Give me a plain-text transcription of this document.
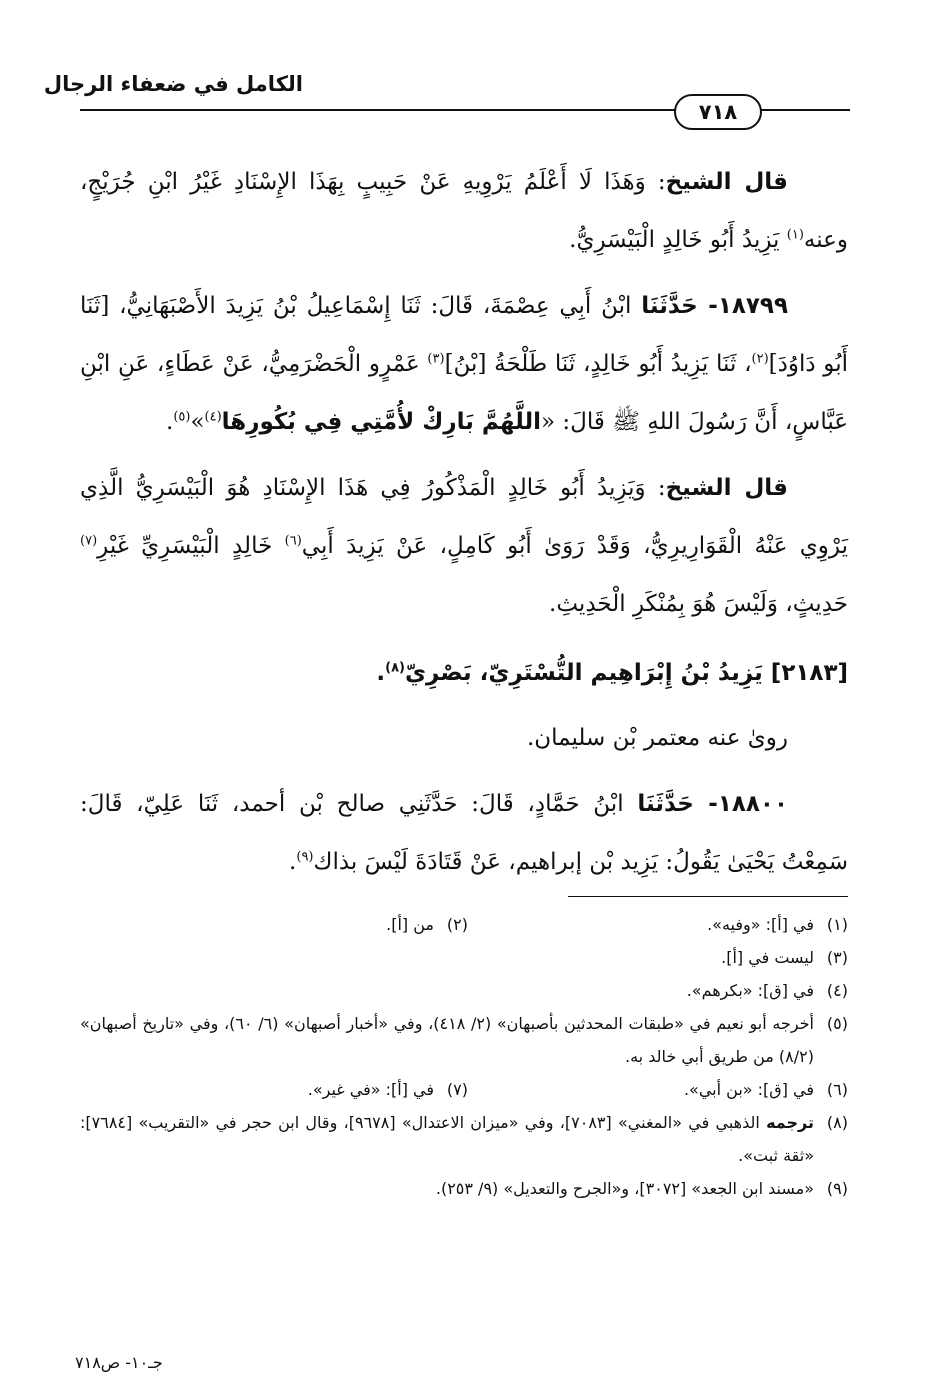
الكامل في ضعفاء الرجال
٧١٨

قال الشيخ: وَهَذَا لَا أَعْلَمُ يَرْوِيهِ عَنْ حَبِيبٍ بِهَذَا الإِسْنَادِ غَيْرُ ابْنِ جُرَيْجٍ، وعنه$^{(١)}$ يَزِيدُ أَبُو خَالِدٍ الْبَيْسَرِيُّ.

١٨٧٩٩- حَدَّثَنَا ابْنُ أَبِي عِصْمَةَ، قَالَ: ثَنَا إِسْمَاعِيلُ بْنُ يَزِيدَ الأَصْبَهَانِيُّ، [ثَنَا أَبُو دَاوُدَ]$^{(٢)}$، ثَنَا يَزِيدُ أَبُو خَالِدٍ، ثَنَا طَلْحَةُ [بْنُ]$^{(٣)}$ عَمْرٍو الْحَضْرَمِيُّ، عَنْ عَطَاءٍ، عَنِ ابْنِ عَبَّاسٍ، أَنَّ رَسُولَ اللهِ ﷺ قَالَ: «اللَّهُمَّ بَارِكْ لأُمَّتِي فِي بُكُورِهَا$^{(٤)}$»$^{(٥)}$.

قال الشيخ: وَيَزِيدُ أَبُو خَالِدٍ الْمَذْكُورُ فِي هَذَا الإِسْنَادِ هُوَ الْبَيْسَرِيُّ الَّذِي يَرْوِي عَنْهُ الْقَوَارِيرِيُّ، وَقَدْ رَوَىٰ أَبُو كَامِلٍ، عَنْ يَزِيدَ أَبِي$^{(٦)}$ خَالِدٍ الْبَيْسَرِيِّ غَيْرِ$^{(٧)}$ حَدِيثٍ، وَلَيْسَ هُوَ بِمُنْكَرِ الْحَدِيثِ.

[٢١٨٣] يَزِيدُ بْنُ إِبْرَاهِيم التُّسْتَرِيّ، بَصْرِيّ$^{(٨)}$.

روىٰ عنه معتمر بْن سليمان.

١٨٨٠٠- حَدَّثَنَا ابْنُ حَمَّادٍ، قَالَ: حَدَّثَنِي صالح بْن أحمد، ثَنَا عَلِيّ، قَالَ: سَمِعْتُ يَحْيَىٰ يَقُولُ: يَزِيد بْن إبراهيم، عَنْ قَتَادَةَ لَيْسَ بذاك$^{(٩)}$.

(١)
في [أ]: «وفيه».
(٢)
من [أ].
(٣)
ليست في [أ].
(٤)
في [ق]: «بكرهم».
(٥)
أخرجه أبو نعيم في «طبقات المحدثين بأصبهان» (٢/ ٤١٨)، وفي «أخبار أصبهان» (٦/ ٦٠)، وفي «تاريخ أصبهان» (٨/٢) من طريق أبي خالد به.
(٦)
في [ق]: «بن أبي».
(٧)
في [أ]: «في غير».
(٨)
ترجمه الذهبي في «المغني» [٧٠٨٣]، وفي «ميزان الاعتدال» [٩٦٧٨]، وقال ابن حجر في «التقريب» [٧٦٨٤]: «ثقة ثبت».
(٩)
«مسند ابن الجعد» [٣٠٧٢]، و«الجرح والتعديل» (٩/ ٢٥٣).
جـ١٠- ص٧١٨
